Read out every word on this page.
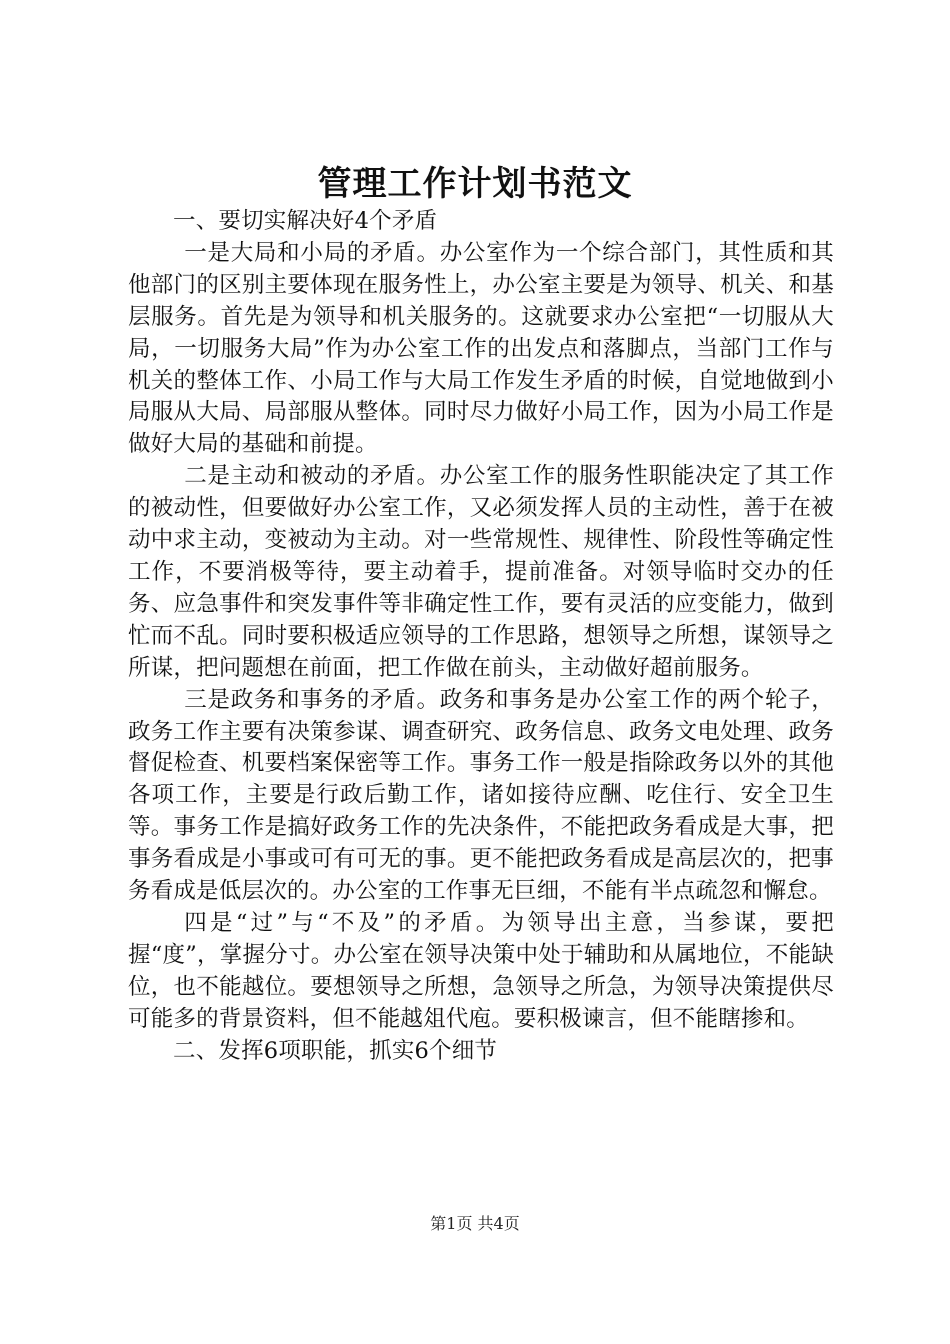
管理工作计划书范文

一、要切实解决好4个矛盾

一是大局和小局的矛盾。办公室作为一个综合部门，其性质和其他部门的区别主要体现在服务性上，办公室主要是为领导、机关、和基层服务。首先是为领导和机关服务的。这就要求办公室把“一切服从大局，一切服务大局”作为办公室工作的出发点和落脚点，当部门工作与机关的整体工作、小局工作与大局工作发生矛盾的时候，自觉地做到小局服从大局、局部服从整体。同时尽力做好小局工作，因为小局工作是做好大局的基础和前提。

二是主动和被动的矛盾。办公室工作的服务性职能决定了其工作的被动性，但要做好办公室工作，又必须发挥人员的主动性，善于在被动中求主动，变被动为主动。对一些常规性、规律性、阶段性等确定性工作，不要消极等待，要主动着手，提前准备。对领导临时交办的任务、应急事件和突发事件等非确定性工作，要有灵活的应变能力，做到忙而不乱。同时要积极适应领导的工作思路，想领导之所想，谋领导之所谋，把问题想在前面，把工作做在前头，主动做好超前服务。

三是政务和事务的矛盾。政务和事务是办公室工作的两个轮子，政务工作主要有决策参谋、调查研究、政务信息、政务文电处理、政务督促检查、机要档案保密等工作。事务工作一般是指除政务以外的其他各项工作，主要是行政后勤工作，诸如接待应酬、吃住行、安全卫生等。事务工作是搞好政务工作的先决条件，不能把政务看成是大事，把事务看成是小事或可有可无的事。更不能把政务看成是高层次的，把事务看成是低层次的。办公室的工作事无巨细，不能有半点疏忽和懈怠。

四是“过”与“不及”的矛盾。为领导出主意，当参谋，要把握“度”，掌握分寸。办公室在领导决策中处于辅助和从属地位，不能缺位，也不能越位。要想领导之所想，急领导之所急，为领导决策提供尽可能多的背景资料，但不能越俎代庖。要积极谏言，但不能瞎掺和。

二、发挥6项职能，抓实6个细节

第1页 共4页
